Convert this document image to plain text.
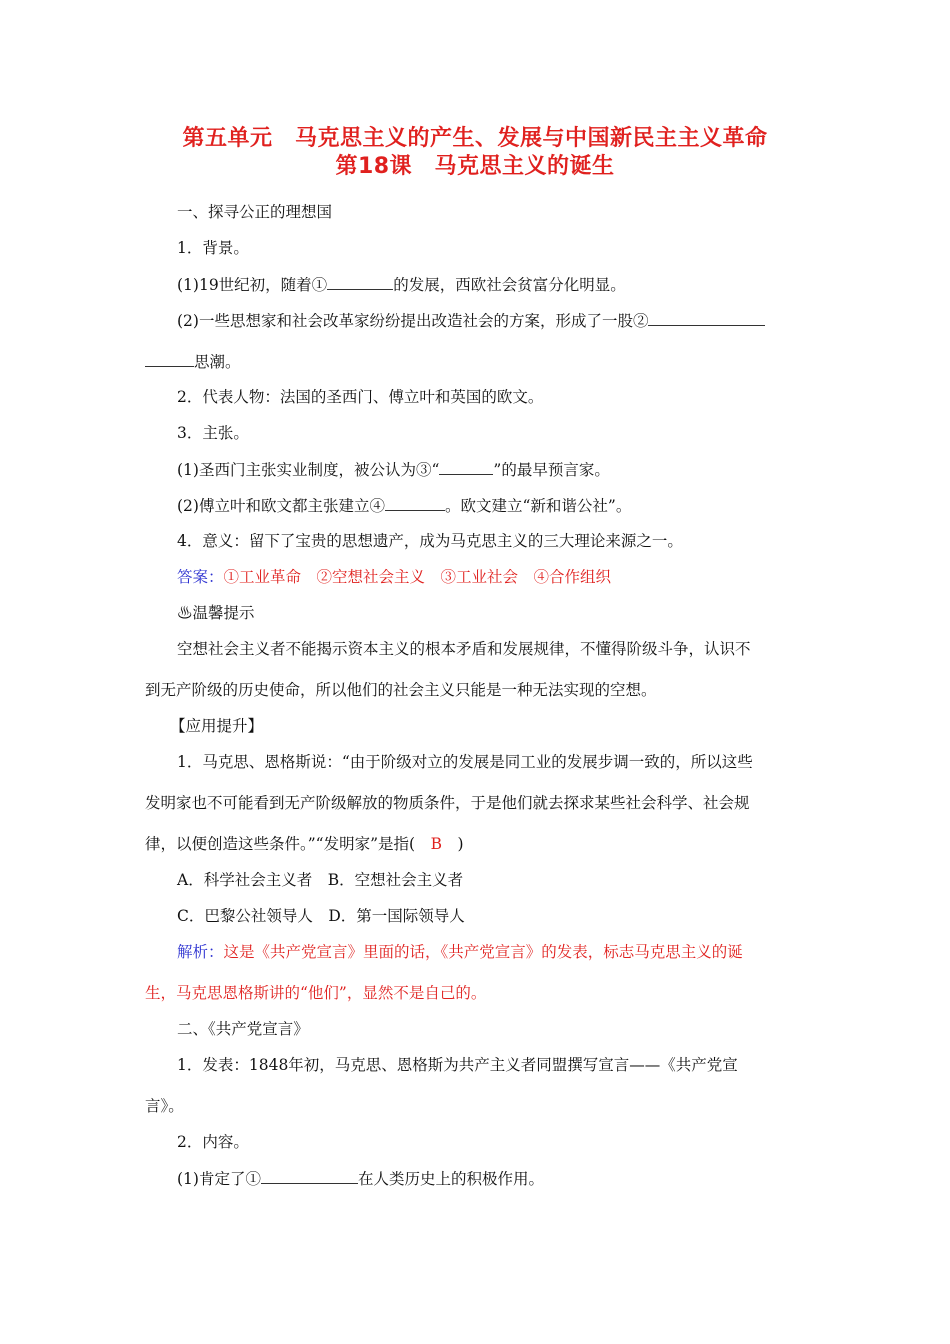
第五单元　马克思主义的产生、发展与中国新民主主义革命
第18课　马克思主义的诞生
一、探寻公正的理想国
1．背景。
(1)19世纪初，随着①	的发展，西欧社会贫富分化明显。
(2)一些思想家和社会改革家纷纷提出改造社会的方案，形成了一股②
思潮。
2．代表人物：法国的圣西门、傅立叶和英国的欧文。
3．主张。
(1)圣西门主张实业制度，被公认为③“	”的最早预言家。
(2)傅立叶和欧文都主张建立④	。欧文建立“新和谐公社”。
4．意义：留下了宝贵的思想遗产，成为马克思主义的三大理论来源之一。
答案：①工业革命　②空想社会主义　③工业社会　④合作组织
♨温馨提示
空想社会主义者不能揭示资本主义的根本矛盾和发展规律，不懂得阶级斗争，认识不
到无产阶级的历史使命，所以他们的社会主义只能是一种无法实现的空想。
【应用提升】
1．马克思、恩格斯说：“由于阶级对立的发展是同工业的发展步调一致的，所以这些
发明家也不可能看到无产阶级解放的物质条件，于是他们就去探求某些社会科学、社会规
律，以便创造这些条件。”“发明家”是指(　B　)
A．科学社会主义者　B．空想社会主义者
C．巴黎公社领导人　D．第一国际领导人
解析：这是《共产党宣言》里面的话，《共产党宣言》的发表，标志马克思主义的诞
生，马克思恩格斯讲的“他们”，显然不是自己的。
二、《共产党宣言》
1．发表：1848年初，马克思、恩格斯为共产主义者同盟撰写宣言——《共产党宣
言》。
2．内容。
(1)肯定了①	在人类历史上的积极作用。
